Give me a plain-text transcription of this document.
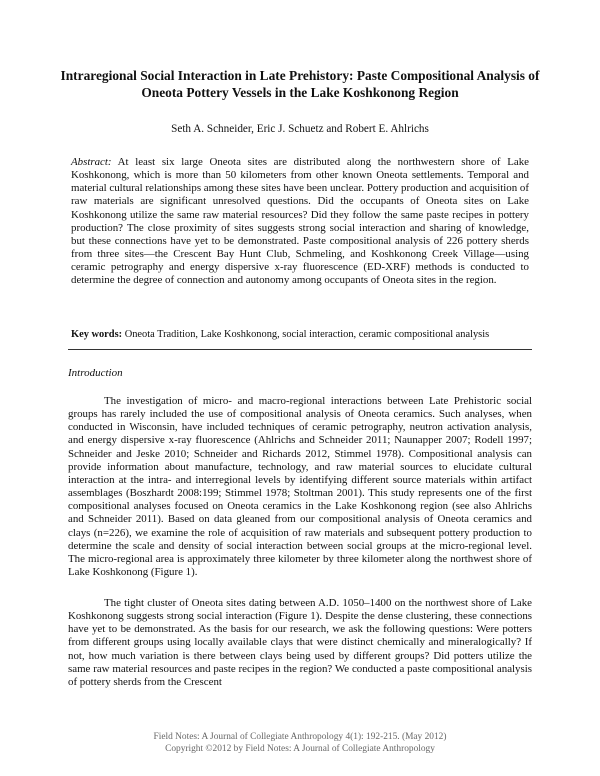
Intraregional Social Interaction in Late Prehistory: Paste Compositional Analysis of Oneota Pottery Vessels in the Lake Koshkonong Region
Seth A. Schneider, Eric J. Schuetz and Robert E. Ahlrichs
Abstract: At least six large Oneota sites are distributed along the northwestern shore of Lake Koshkonong, which is more than 50 kilometers from other known Oneota settlements. Temporal and material cultural relationships among these sites have been unclear. Pottery production and acquisition of raw materials are significant unresolved questions. Did the occupants of Oneota sites on Lake Koshkonong utilize the same raw material resources? Did they follow the same paste recipes in pottery production? The close proximity of sites suggests strong social interaction and sharing of knowledge, but these connections have yet to be demonstrated. Paste compositional analysis of 226 pottery sherds from three sites—the Crescent Bay Hunt Club, Schmeling, and Koshkonong Creek Village—using ceramic petrography and energy dispersive x-ray fluorescence (ED-XRF) methods is conducted to determine the degree of connection and autonomy among occupants of Oneota sites in the region.
Key words: Oneota Tradition, Lake Koshkonong, social interaction, ceramic compositional analysis
Introduction

The investigation of micro- and macro-regional interactions between Late Prehistoric social groups has rarely included the use of compositional analysis of Oneota ceramics. Such analyses, when conducted in Wisconsin, have included techniques of ceramic petrography, neutron activation analysis, and energy dispersive x-ray fluorescence (Ahlrichs and Schneider 2011; Naunapper 2007; Rodell 1997; Schneider and Jeske 2010; Schneider and Richards 2012, Stimmel 1978). Compositional analysis can provide information about manufacture, technology, and raw material sources to elucidate cultural interaction at the intra- and interregional levels by identifying different source materials within artifact assemblages (Boszhardt 2008:199; Stimmel 1978; Stoltman 2001). This study represents one of the first compositional analyses focused on Oneota ceramics in the Lake Koshkonong region (see also Ahlrichs and Schneider 2011). Based on data gleaned from our compositional analysis of Oneota ceramics and clays (n=226), we examine the role of acquisition of raw materials and subsequent pottery production to determine the scale and density of social interaction between social groups at the micro-regional level. The micro-regional area is approximately three kilometer by three kilometer along the northwest shore of Lake Koshkonong (Figure 1).

The tight cluster of Oneota sites dating between A.D. 1050–1400 on the northwest shore of Lake Koshkonong suggests strong social interaction (Figure 1). Despite the dense clustering, these connections have yet to be demonstrated. As the basis for our research, we ask the following questions: Were potters from different groups using locally available clays that were distinct chemically and mineralogically? If not, how much variation is there between clays being used by different groups? Did potters utilize the same raw material resources and paste recipes in the region? We conducted a paste compositional analysis of pottery sherds from the Crescent

Field Notes: A Journal of Collegiate Anthropology 4(1): 192-215. (May 2012)
Copyright ©2012 by Field Notes: A Journal of Collegiate Anthropology
